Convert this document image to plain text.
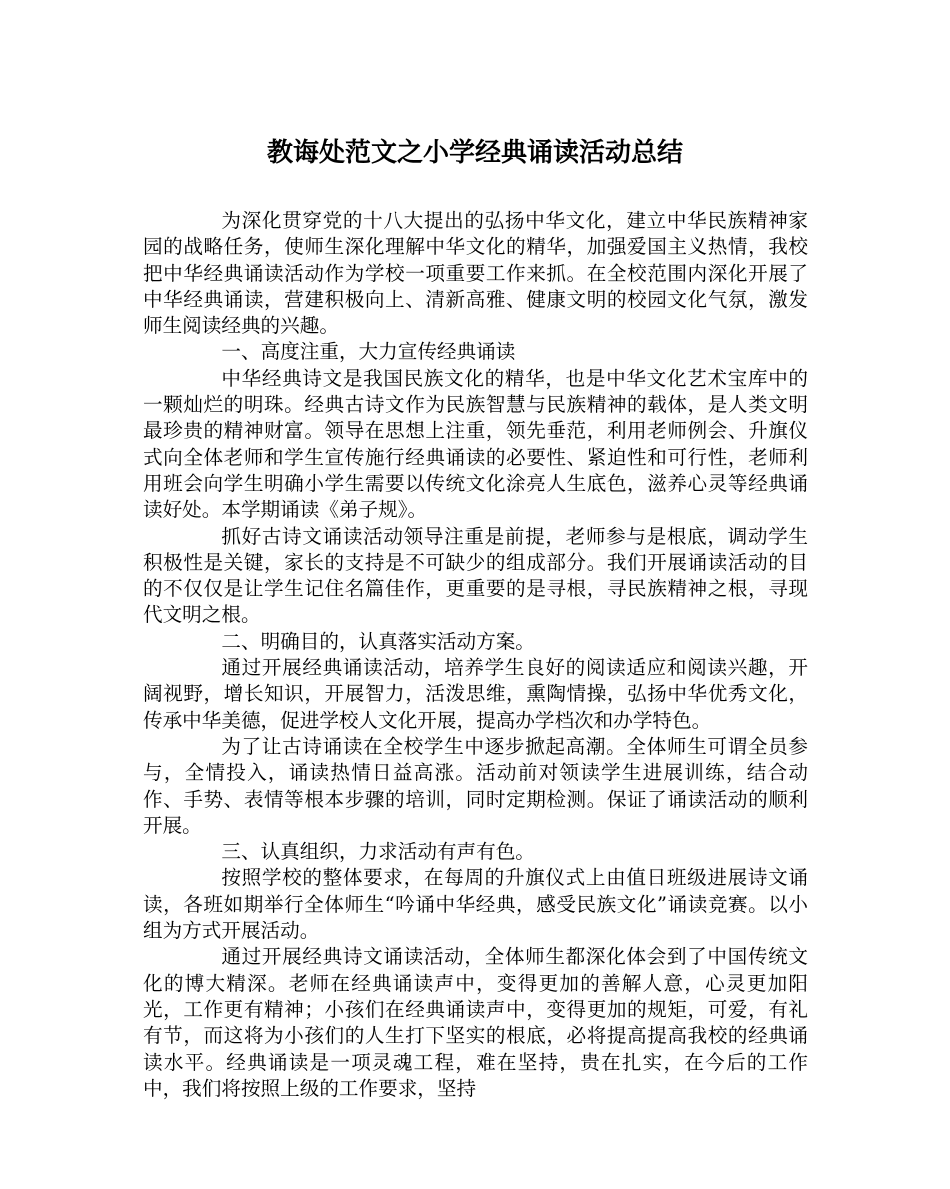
教诲处范文之小学经典诵读活动总结

为深化贯穿党的十八大提出的弘扬中华文化，建立中华民族精神家园的战略任务，使师生深化理解中华文化的精华，加强爱国主义热情，我校把中华经典诵读活动作为学校一项重要工作来抓。在全校范围内深化开展了中华经典诵读，营建积极向上、清新高雅、健康文明的校园文化气氛，激发师生阅读经典的兴趣。

一、高度注重，大力宣传经典诵读

中华经典诗文是我国民族文化的精华，也是中华文化艺术宝库中的一颗灿烂的明珠。经典古诗文作为民族智慧与民族精神的载体，是人类文明最珍贵的精神财富。领导在思想上注重，领先垂范，利用老师例会、升旗仪式向全体老师和学生宣传施行经典诵读的必要性、紧迫性和可行性，老师利用班会向学生明确小学生需要以传统文化涂亮人生底色，滋养心灵等经典诵读好处。本学期诵读《弟子规》。

抓好古诗文诵读活动领导注重是前提，老师参与是根底，调动学生积极性是关键，家长的支持是不可缺少的组成部分。我们开展诵读活动的目的不仅仅是让学生记住名篇佳作，更重要的是寻根，寻民族精神之根，寻现代文明之根。

二、明确目的，认真落实活动方案。

通过开展经典诵读活动，培养学生良好的阅读适应和阅读兴趣，开阔视野，增长知识，开展智力，活泼思维，熏陶情操，弘扬中华优秀文化， 传承中华美德，促进学校人文化开展，提高办学档次和办学特色。

为了让古诗诵读在全校学生中逐步掀起高潮。全体师生可谓全员参与，全情投入，诵读热情日益高涨。活动前对领读学生进展训练，结合动作、手势、表情等根本步骤的培训，同时定期检测。保证了诵读活动的顺利开展。

三、认真组织，力求活动有声有色。

按照学校的整体要求，在每周的升旗仪式上由值日班级进展诗文诵读，各班如期举行全体师生“吟诵中华经典，感受民族文化”诵读竞赛。以小组为方式开展活动。

通过开展经典诗文诵读活动，全体师生都深化体会到了中国传统文化的博大精深。老师在经典诵读声中，变得更加的善解人意，心灵更加阳光，工作更有精神；小孩们在经典诵读声中，变得更加的规矩，可爱，有礼有节，而这将为小孩们的人生打下坚实的根底，必将提高提高我校的经典诵读水平。经典诵读是一项灵魂工程，难在坚持，贵在扎实，在今后的工作中，我们将按照上级的工作要求，坚持
